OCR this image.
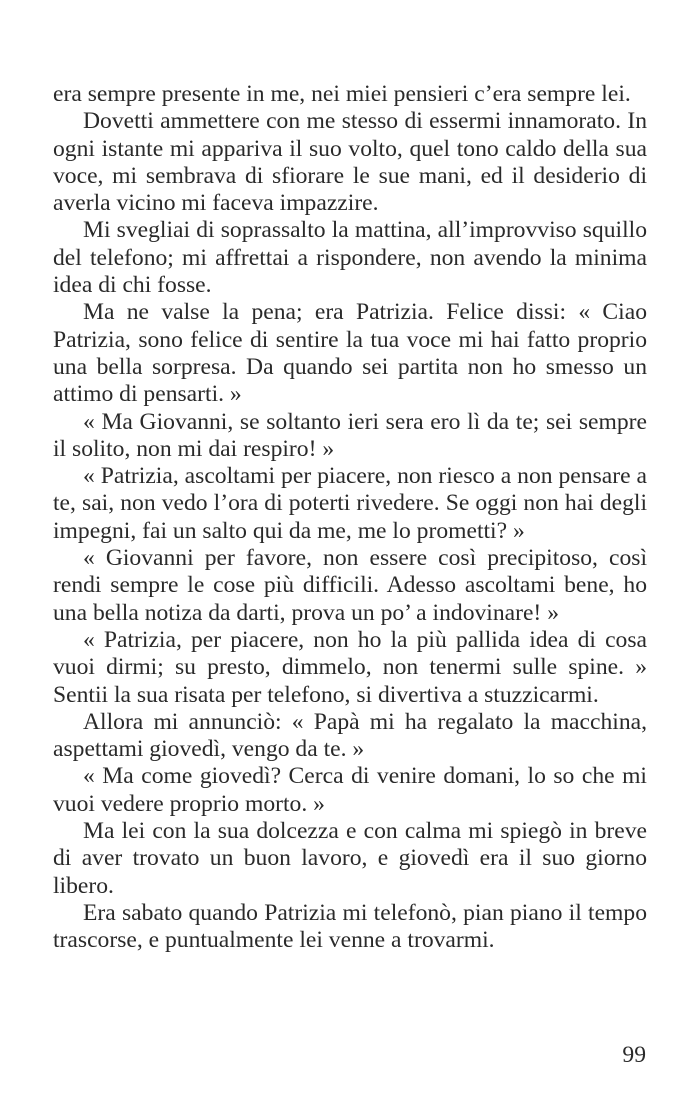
era sempre presente in me, nei miei pensieri c’era sempre lei.

Dovetti ammettere con me stesso di essermi innamorato. In ogni istante mi appariva il suo volto, quel tono caldo della sua voce, mi sembrava di sfiorare le sue mani, ed il desiderio di averla vicino mi faceva impazzire.

Mi svegliai di soprassalto la mattina, all’improvviso squillo del telefono; mi affrettai a rispondere, non avendo la minima idea di chi fosse.

Ma ne valse la pena; era Patrizia. Felice dissi: « Ciao Patrizia, sono felice di sentire la tua voce mi hai fatto proprio una bella sorpresa. Da quando sei partita non ho smesso un attimo di pensarti. »

« Ma Giovanni, se soltanto ieri sera ero lì da te; sei sempre il solito, non mi dai respiro! »

« Patrizia, ascoltami per piacere, non riesco a non pensare a te, sai, non vedo l’ora di poterti rivedere. Se oggi non hai degli impegni, fai un salto qui da me, me lo prometti? »

« Giovanni per favore, non essere così precipitoso, così rendi sempre le cose più difficili. Adesso ascoltami bene, ho una bella notiza da darti, prova un po’ a indovinare! »

« Patrizia, per piacere, non ho la più pallida idea di cosa vuoi dirmi; su presto, dimmelo, non tenermi sulle spine. » Sentii la sua risata per telefono, si divertiva a stuzzicarmi.

Allora mi annunciò: « Papà mi ha regalato la macchina, aspettami giovedì, vengo da te. »

« Ma come giovedì? Cerca di venire domani, lo so che mi vuoi vedere proprio morto. »

Ma lei con la sua dolcezza e con calma mi spiegò in breve di aver trovato un buon lavoro, e giovedì era il suo giorno libero.

Era sabato quando Patrizia mi telefonò, pian piano il tempo trascorse, e puntualmente lei venne a trovarmi.

99
